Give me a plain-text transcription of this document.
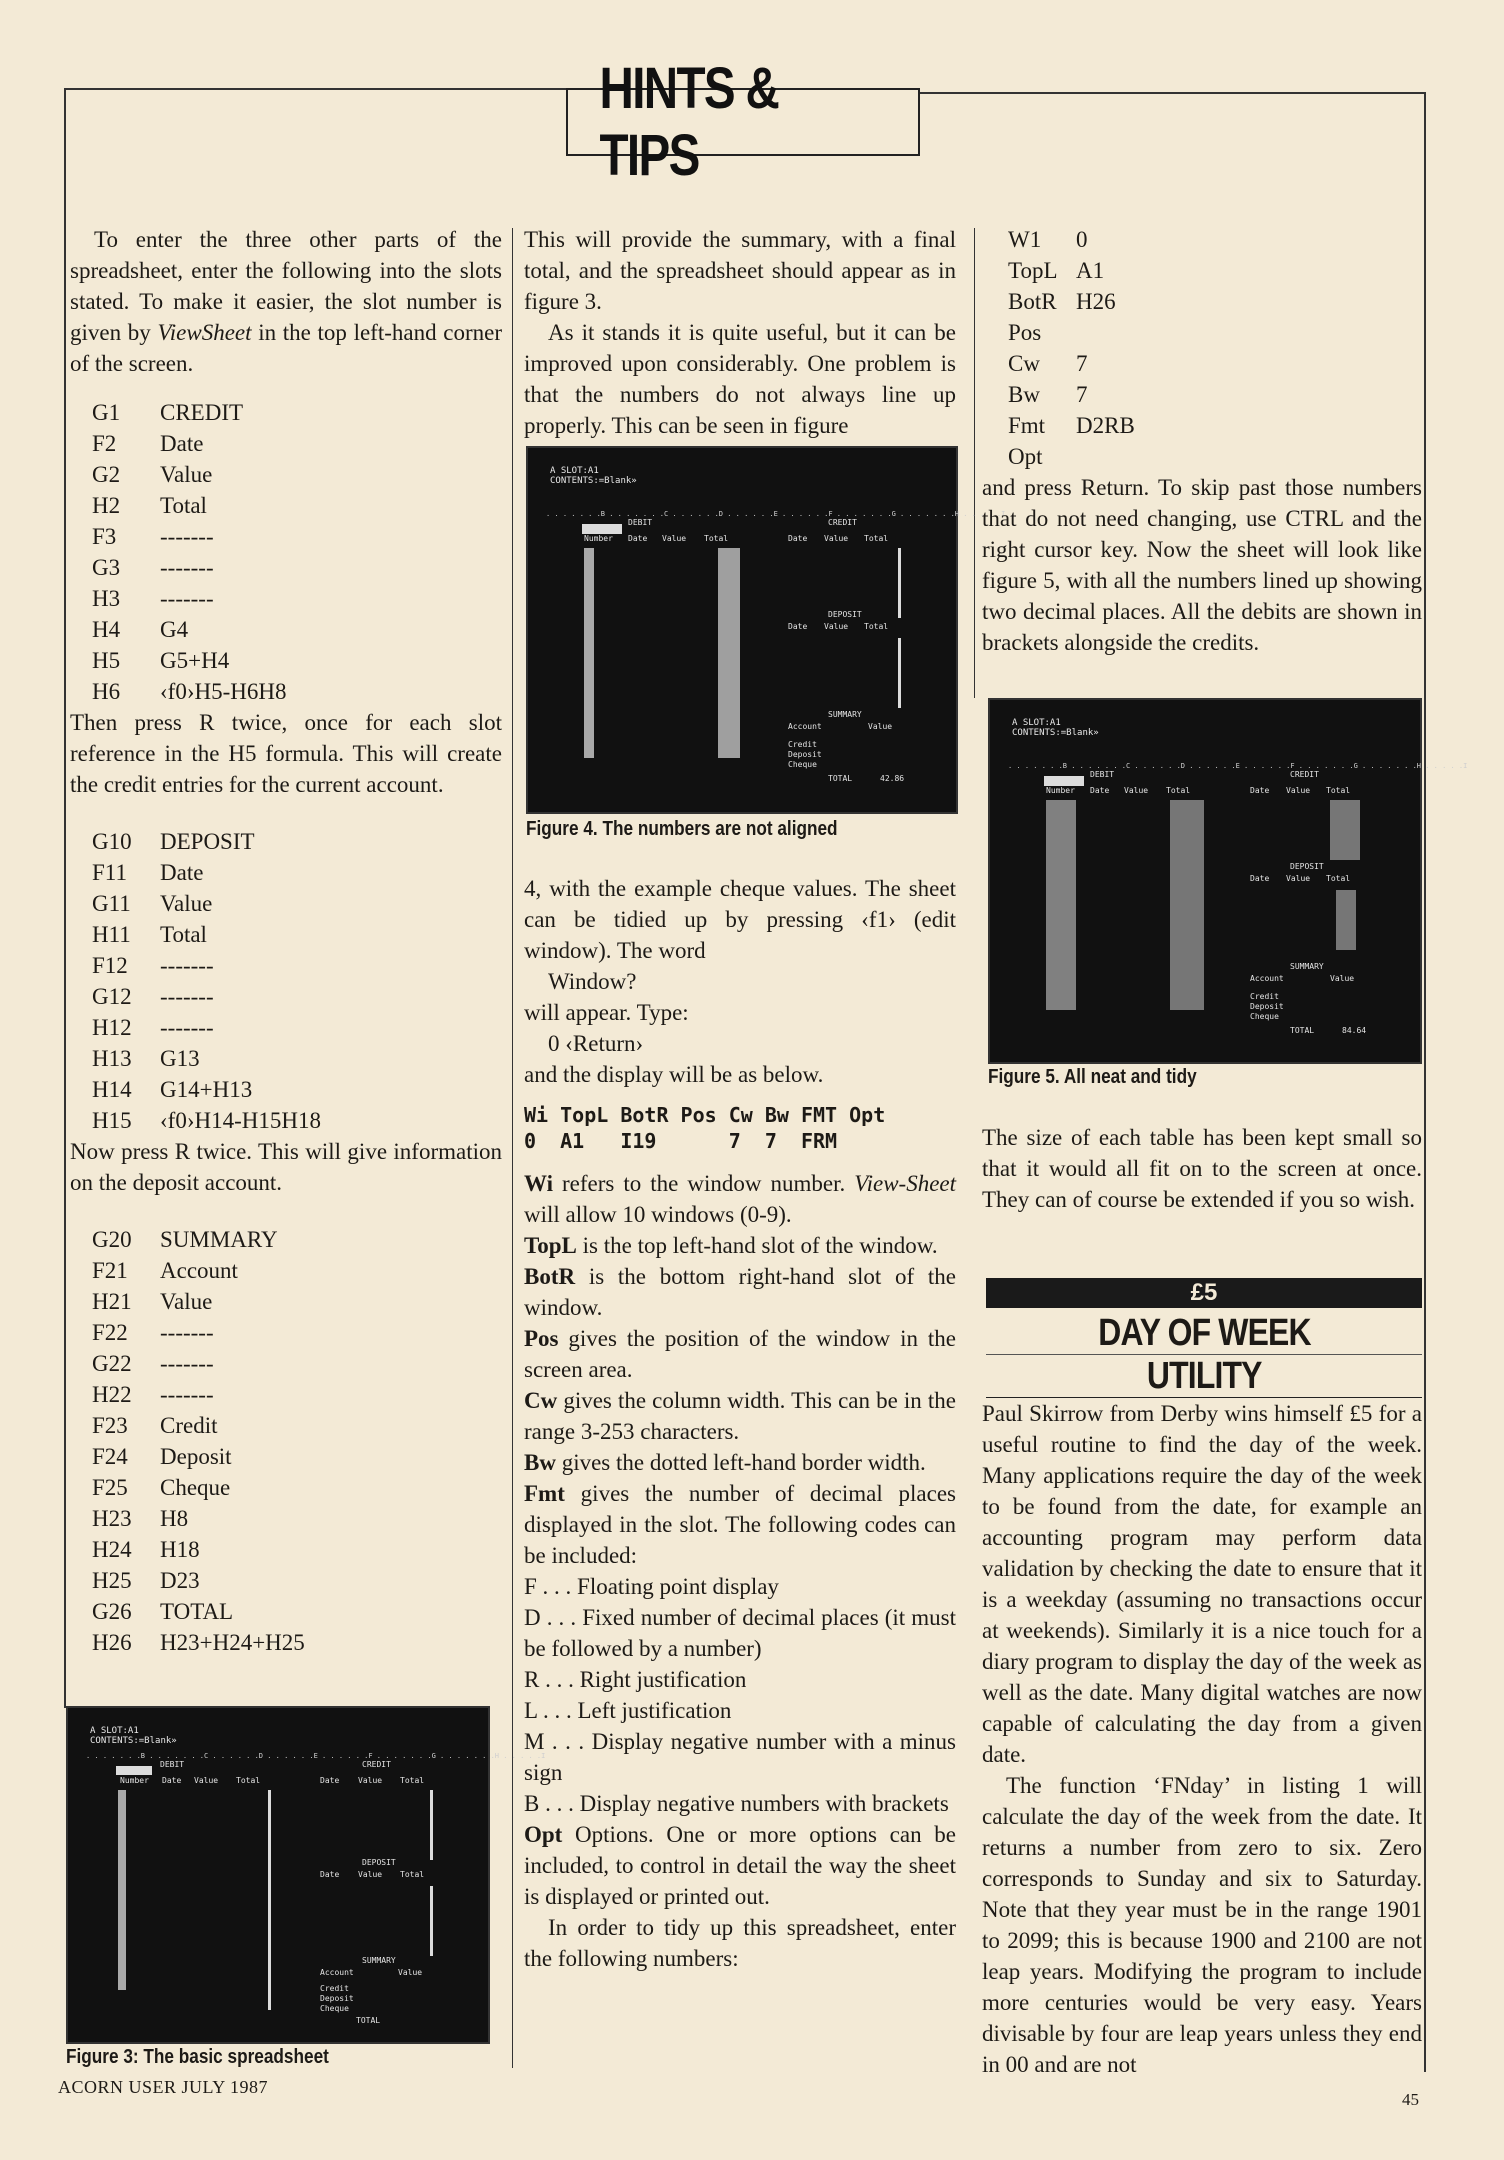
HINTS & TIPS

To enter the three other parts of the spreadsheet, enter the following into the slots stated. To make it easier, the slot number is given by ViewSheet in the top left-hand corner of the screen.

G1	CREDIT
F2	Date
G2	Value
H2	Total
F3	-------
G3	-------
H3	-------
H4	G4
H5	G5+H4
H6	‹f0›H5-H6H8

Then press R twice, once for each slot reference in the H5 formula. This will create the credit entries for the current account.

G10	DEPOSIT
F11	Date
G11	Value
H11	Total
F12	-------
G12	-------
H12	-------
H13	G13
H14	G14+H13
H15	‹f0›H14-H15H18

Now press R twice. This will give information on the deposit account.

G20	SUMMARY
F21	Account
H21	Value
F22	-------
G22	-------
H22	-------
F23	Credit
F24	Deposit
F25	Cheque
H23	H8
H24	H18
H25	D23
G26	TOTAL
H26	H23+H24+H25
A SLOT:A1
CONTENTS:=Blank»
. . . . . . .B . . . . . . .C . . . . . .D . . . . . .E . . . . . .F . . . . . . .G . . . . . . .H . . . . .I
DEBIT	CREDIT
Number Date Value Total	Date Value Total
DEPOSIT
Date Value Total
SUMMARY
Account	Value
Credit
Deposit
Cheque
TOTAL
Figure 3: The basic spreadsheet

This will provide the summary, with a final total, and the spreadsheet should appear as in figure 3.

As it stands it is quite useful, but it can be improved upon considerably. One problem is that the numbers do not always line up properly. This can be seen in figure

A SLOT:A1
CONTENTS:=Blank»
. . . . . . .B . . . . . . .C . . . . . .D . . . . . .E . . . . . .F . . . . . . .G . . . . . . .H . . . . .I
DEBIT	CREDIT
Number Date Value Total	Date Value Total
DEPOSIT
Date Value Total
SUMMARY
Account	Value
Credit
Deposit
Cheque
TOTAL	42.86
Figure 4. The numbers are not aligned

4, with the example cheque values. The sheet can be tidied up by pressing ‹f1› (edit window). The word

Window?
will appear. Type:
0 ‹Return›
and the display will be as below.
Wi TopL BotR Pos Cw Bw FMT Opt
0  A1   I19      7  7  FRM

Wi refers to the window number. View-Sheet will allow 10 windows (0-9).

TopL is the top left-hand slot of the window.

BotR is the bottom right-hand slot of the window.

Pos gives the position of the window in the screen area.

Cw gives the column width. This can be in the range 3-253 characters.

Bw gives the dotted left-hand border width.

Fmt gives the number of decimal places displayed in the slot. The following codes can be included:

F . . . Floating point display

D . . . Fixed number of decimal places (it must be followed by a number)

R . . . Right justification

L . . . Left justification

M . . . Display negative number with a minus sign

B . . . Display negative numbers with brackets

Opt Options. One or more options can be included, to control in detail the way the sheet is displayed or printed out.

In order to tidy up this spreadsheet, enter the following numbers:

W1	0
TopL A1
BotR H26
Pos
Cw	7
Bw	7
Fmt	D2RB
Opt

and press Return. To skip past those numbers that do not need changing, use CTRL and the right cursor key. Now the sheet will look like figure 5, with all the numbers lined up showing two decimal places. All the debits are shown in brackets alongside the credits.

A SLOT:A1
CONTENTS:=Blank»
. . . . . . .B . . . . . . .C . . . . . .D . . . . . .E . . . . . .F . . . . . . .G . . . . . . .H . . . . .I
DEBIT	CREDIT
Number Date Value Total	Date Value Total
DEPOSIT
Date Value Total
SUMMARY
Account	Value
Credit
Deposit
Cheque
TOTAL	84.64
Figure 5. All neat and tidy

The size of each table has been kept small so that it would all fit on to the screen at once. They can of course be extended if you so wish.

£5
DAY OF WEEK
UTILITY

Paul Skirrow from Derby wins himself £5 for a useful routine to find the day of the week. Many applications require the day of the week to be found from the date, for example an accounting program may perform data validation by checking the date to ensure that it is a weekday (assuming no transactions occur at weekends). Similarly it is a nice touch for a diary program to display the day of the week as well as the date. Many digital watches are now capable of calculating the day from a given date.

The function ‘FNday’ in listing 1 will calculate the day of the week from the date. It returns a number from zero to six. Zero corresponds to Sunday and six to Saturday. Note that they year must be in the range 1901 to 2099; this is because 1900 and 2100 are not leap years. Modifying the program to include more centuries would be very easy. Years divisable by four are leap years unless they end in 00 and are not

ACORN USER JULY 1987
45
